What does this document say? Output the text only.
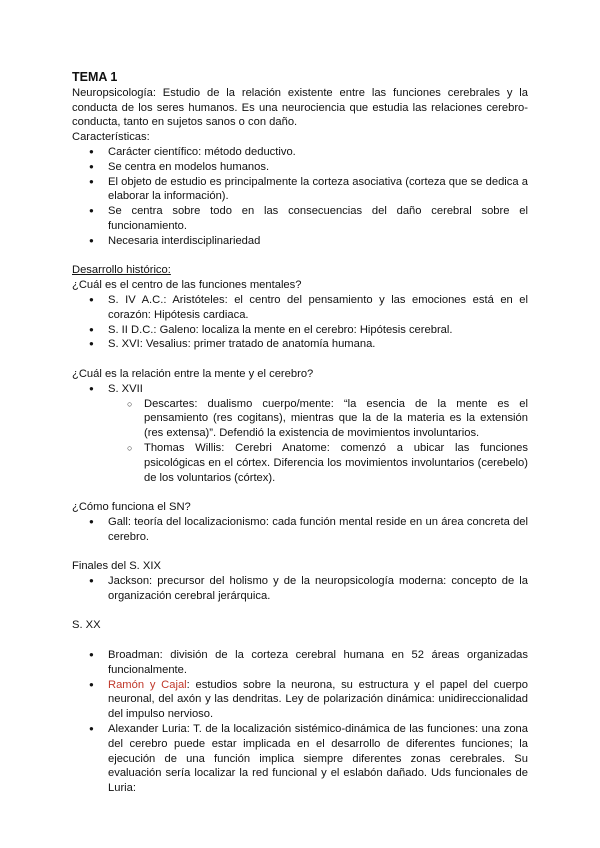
TEMA 1

Neuropsicología: Estudio de la relación existente entre las funciones cerebrales y la conducta de los seres humanos. Es una neurociencia que estudia las relaciones cerebro-conducta, tanto en sujetos sanos o con daño.

Características:

● Carácter científico: método deductivo.
● Se centra en modelos humanos.
● El objeto de estudio es principalmente la corteza asociativa (corteza que se dedica a elaborar la información).
● Se centra sobre todo en las consecuencias del daño cerebral sobre el funcionamiento.
● Necesaria interdisciplinariedad

Desarrollo histórico:

¿Cuál es el centro de las funciones mentales?

● S. IV A.C.: Aristóteles: el centro del pensamiento y las emociones está en el corazón: Hipótesis cardiaca.
● S. II D.C.: Galeno: localiza la mente en el cerebro: Hipótesis cerebral.
● S. XVI: Vesalius: primer tratado de anatomía humana.

¿Cuál es la relación entre la mente y el cerebro?

● S. XVII
○ Descartes: dualismo cuerpo/mente: “la esencia de la mente es el pensamiento (res cogitans), mientras que la de la materia es la extensión (res extensa)”. Defendió la existencia de movimientos involuntarios.
○ Thomas Willis: Cerebri Anatome: comenzó a ubicar las funciones psicológicas en el córtex. Diferencia los movimientos involuntarios (cerebelo) de los voluntarios (córtex).

¿Cómo funciona el SN?

● Gall: teoría del localizacionismo: cada función mental reside en un área concreta del cerebro.

Finales del S. XIX

● Jackson: precursor del holismo y de la neuropsicología moderna: concepto de la organización cerebral jerárquica.

S. XX

● Broadman: división de la corteza cerebral humana en 52 áreas organizadas funcionalmente.
● Ramón y Cajal: estudios sobre la neurona, su estructura y el papel del cuerpo neuronal, del axón y las dendritas. Ley de polarización dinámica: unidireccionalidad del impulso nervioso.
● Alexander Luria: T. de la localización sistémico-dinámica de las funciones: una zona del cerebro puede estar implicada en el desarrollo de diferentes funciones; la ejecución de una función implica siempre diferentes zonas cerebrales. Su evaluación sería localizar la red funcional y el eslabón dañado. Uds funcionales de Luria:
